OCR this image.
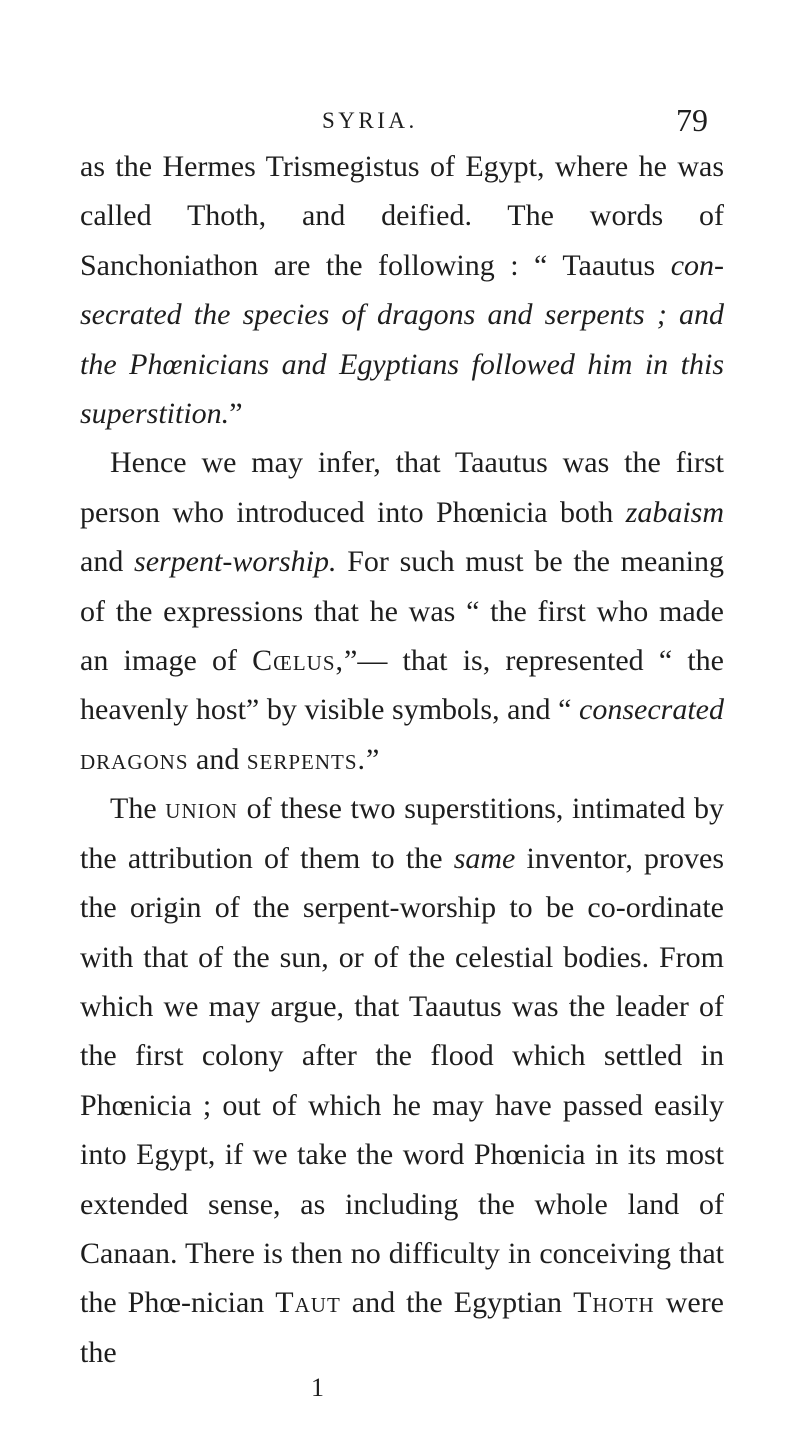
SYRIA.	79

as the Hermes Trismegistus of Egypt, where he was called Thoth, and deified. The words of Sanchoniathon are the following : “ Taautus con-secrated the species of dragons and serpents ; and the Phœnicians and Egyptians followed him in this superstition.”

Hence we may infer, that Taautus was the first person who introduced into Phœnicia both zabaism and serpent-worship. For such must be the meaning of the expressions that he was “ the first who made an image of Cœlus,”— that is, represented “ the heavenly host” by visible symbols, and “ consecrated dragons and serpents.”

The union of these two superstitions, intimated by the attribution of them to the same inventor, proves the origin of the serpent-worship to be co-ordinate with that of the sun, or of the celestial bodies. From which we may argue, that Taautus was the leader of the first colony after the flood which settled in Phœnicia ; out of which he may have passed easily into Egypt, if we take the word Phœnicia in its most extended sense, as including the whole land of Canaan. There is then no difficulty in conceiving that the Phœ-nician Taut and the Egyptian Thoth were the

1
